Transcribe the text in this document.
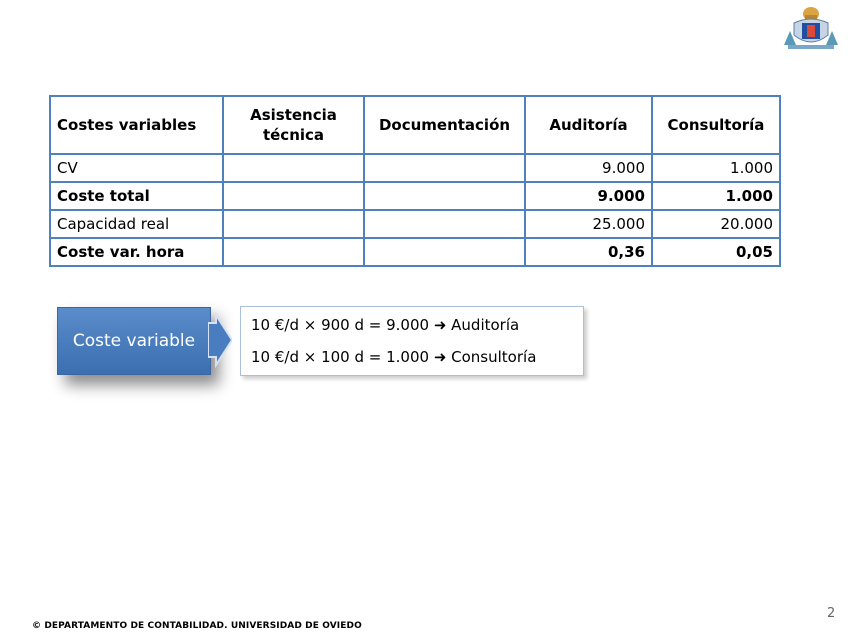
Costes variables	Asistencia técnica	Documentación	Auditoría	Consultoría
CV			9.000	1.000
Coste total			9.000	1.000
Capacidad real			25.000	20.000
Coste var. hora			0,36	0,05
Coste variable
10 €/d × 900 d = 9.000 ➜ Auditoría
10 €/d × 100 d = 1.000 ➜ Consultoría
2
© DEPARTAMENTO DE CONTABILIDAD. UNIVERSIDAD DE OVIEDO
